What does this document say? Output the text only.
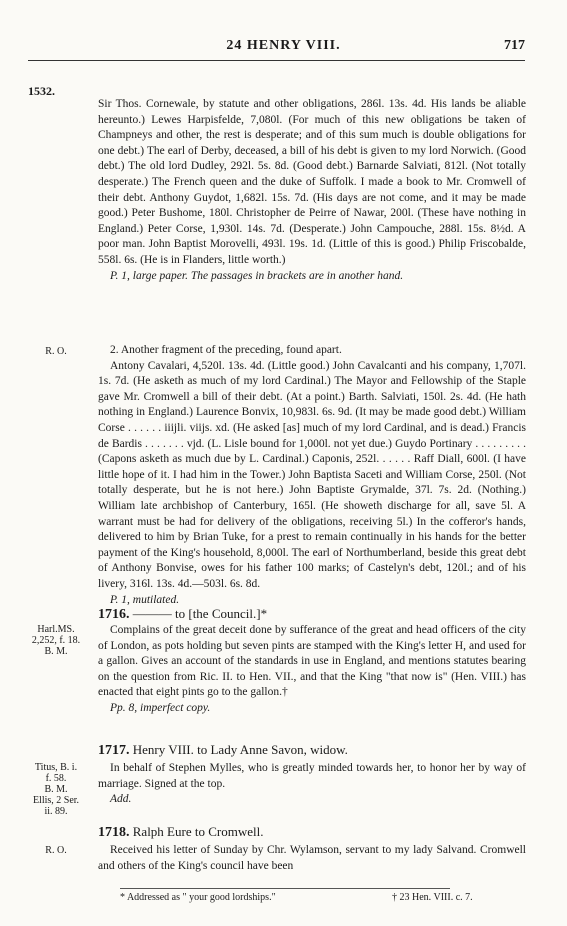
24 HENRY VIII.	717
1532.

Sir Thos. Cornewale, by statute and other obligations, 286l. 13s. 4d. His lands be aliable hereunto.) Lewes Harpisfelde, 7,080l. (For much of this new obligations be taken of Champneys and other, the rest is desperate; and of this sum much is double obligations for one debt.) The earl of Derby, deceased, a bill of his debt is given to my lord Norwich. (Good debt.) The old lord Dudley, 292l. 5s. 8d. (Good debt.) Barnarde Salviati, 812l. (Not totally desperate.) The French queen and the duke of Suffolk. I made a book to Mr. Cromwell of their debt. Anthony Guydot, 1,682l. 15s. 7d. (His days are not come, and it may be made good.) Peter Bushome, 180l. Christopher de Peirre of Nawar, 200l. (These have nothing in England.) Peter Corse, 1,930l. 14s. 7d. (Desperate.) John Campouche, 288l. 15s. 8½d. A poor man. John Baptist Morovelli, 493l. 19s. 1d. (Little of this is good.) Philip Friscobalde, 558l. 6s. (He is in Flanders, little worth.)

P. 1, large paper. The passages in brackets are in another hand.

R. O.	2. Another fragment of the preceding, found apart.

Antony Cavalari, 4,520l. 13s. 4d. (Little good.) John Cavalcanti and his company, 1,707l. 1s. 7d. (He asketh as much of my lord Cardinal.) The Mayor and Fellowship of the Staple gave Mr. Cromwell a bill of their debt. (At a point.) Barth. Salviati, 150l. 2s. 4d. (He hath nothing in England.) Laurence Bonvix, 10,983l. 6s. 9d. (It may be made good debt.) William Corse . . . . . . iiijli. viijs. xd. (He asked [as] much of my lord Cardinal, and is dead.) Francis de Bardis . . . . . . . vjd. (L. Lisle bound for 1,000l. not yet due.) Guydo Portinary . . . . . . . . . (Capons asketh as much due by L. Cardinal.) Caponis, 252l. . . . . . Raff Diall, 600l. (I have little hope of it. I had him in the Tower.) John Baptista Saceti and William Corse, 250l. (Not totally desperate, but he is not here.) John Baptiste Grymalde, 37l. 7s. 2d. (Nothing.) William late archbishop of Canterbury, 165l. (He showeth discharge for all, save 5l. A warrant must be had for delivery of the obligations, receiving 5l.) In the cofferor's hands, delivered to him by Brian Tuke, for a prest to remain continually in his hands for the better payment of the King's household, 8,000l. The earl of Northumberland, beside this great debt of Anthony Bonvise, owes for his father 100 marks; of Castelyn's debt, 120l.; and of his livery, 316l. 13s. 4d.—503l. 6s. 8d.

P. 1, mutilated.

1716. ——— to [the Council.]*
Harl.MS.
2,252, f. 18.
B. M.

Complains of the great deceit done by sufferance of the great and head officers of the city of London, as pots holding but seven pints are stamped with the King's letter H, and used for a gallon. Gives an account of the standards in use in England, and mentions statutes bearing on the question from Ric. II. to Hen. VII., and that the King "that now is" (Hen. VIII.) has enacted that eight pints go to the gallon.†

Pp. 8, imperfect copy.

1717. Henry VIII. to Lady Anne Savon, widow.
Titus, B. i.
f. 58.
B. M.
Ellis, 2 Ser.
ii. 89.

In behalf of Stephen Mylles, who is greatly minded towards her, to honor her by way of marriage. Signed at the top.

Add.

1718. Ralph Eure to Cromwell.
R. O.	Received his letter of Sunday by Chr. Wylamson, servant to my lady Salvand. Cromwell and others of the King's council have been

* Addressed as " your good lordships."	† 23 Hen. VIII. c. 7.
